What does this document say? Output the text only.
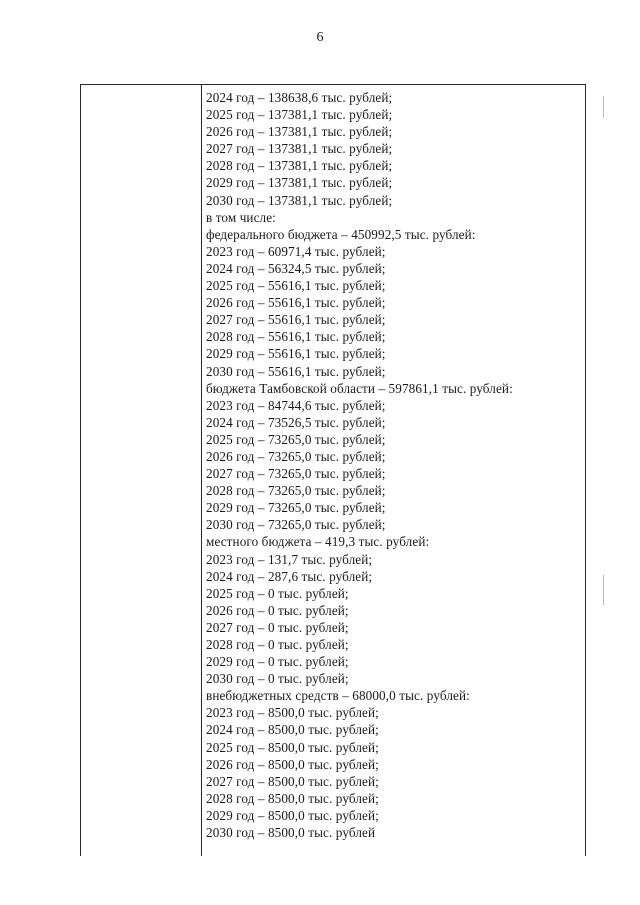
6
2024 год – 138638,6 тыс. рублей;
2025 год – 137381,1 тыс. рублей;
2026 год – 137381,1 тыс. рублей;
2027 год – 137381,1 тыс. рублей;
2028 год – 137381,1 тыс. рублей;
2029 год – 137381,1 тыс. рублей;
2030 год – 137381,1 тыс. рублей;
в том числе:
федерального бюджета – 450992,5 тыс. рублей:
2023 год – 60971,4 тыс. рублей;
2024 год – 56324,5 тыс. рублей;
2025 год – 55616,1 тыс. рублей;
2026 год – 55616,1 тыс. рублей;
2027 год – 55616,1 тыс. рублей;
2028 год – 55616,1 тыс. рублей;
2029 год – 55616,1 тыс. рублей;
2030 год – 55616,1 тыс. рублей;
бюджета Тамбовской области – 597861,1 тыс. рублей:
2023 год – 84744,6 тыс. рублей;
2024 год – 73526,5 тыс. рублей;
2025 год – 73265,0 тыс. рублей;
2026 год – 73265,0 тыс. рублей;
2027 год – 73265,0 тыс. рублей;
2028 год – 73265,0 тыс. рублей;
2029 год – 73265,0 тыс. рублей;
2030 год – 73265,0 тыс. рублей;
местного бюджета – 419,3 тыс. рублей:
2023 год – 131,7 тыс. рублей;
2024 год – 287,6 тыс. рублей;
2025 год – 0 тыс. рублей;
2026 год – 0 тыс. рублей;
2027 год – 0 тыс. рублей;
2028 год – 0 тыс. рублей;
2029 год – 0 тыс. рублей;
2030 год – 0 тыс. рублей;
внебюджетных средств – 68000,0 тыс. рублей:
2023 год – 8500,0 тыс. рублей;
2024 год – 8500,0 тыс. рублей;
2025 год – 8500,0 тыс. рублей;
2026 год – 8500,0 тыс. рублей;
2027 год – 8500,0 тыс. рублей;
2028 год – 8500,0 тыс. рублей;
2029 год – 8500,0 тыс. рублей;
2030 год – 8500,0 тыс. рублей
